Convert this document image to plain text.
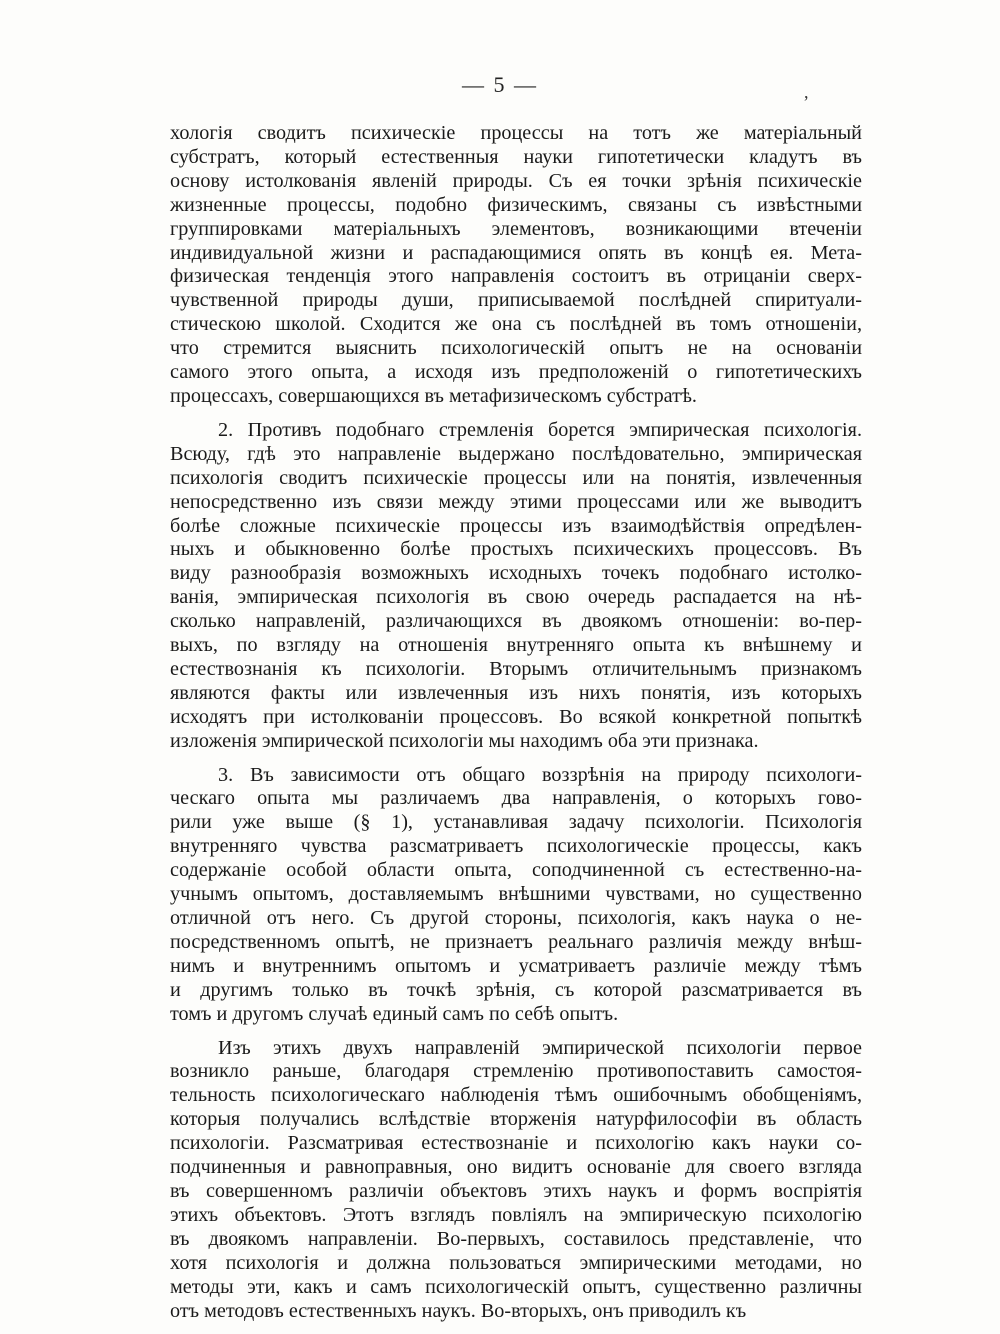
— 5 —	,

хологія сводитъ психическіе процессы на тотъ же матеріальный
субстратъ, который естественныя науки гипотетически кладутъ въ
основу истолкованія явленій природы. Съ ея точки зрѣнія психическіе
жизненные процессы, подобно физическимъ, связаны съ извѣстными
группировками матеріальныхъ элементовъ, возникающими втеченіи
индивидуальной жизни и распадающимися опять въ концѣ ея. Мета-
физическая тенденція этого направленія состоитъ въ отрицаніи сверх-
чувственной природы души, приписываемой послѣдней спиритуали-
стическою школой. Сходится же она съ послѣдней въ томъ отношеніи,
что стремится выяснить психологическій опытъ не на основаніи
самого этого опыта, а исходя изъ предположеній о гипотетическихъ
процессахъ, совершающихся въ метафизическомъ субстратѣ.

2. Противъ подобнаго стремленія борется эмпирическая психологія.
Всюду, гдѣ это направленіе выдержано послѣдовательно, эмпирическая
психологія сводитъ психическіе процессы или на понятія, извлеченныя
непосредственно изъ связи между этими процессами или же выводитъ
болѣе сложные психическіе процессы изъ взаимодѣйствія опредѣлен-
ныхъ и обыкновенно болѣе простыхъ психическихъ процессовъ. Въ
виду разнообразія возможныхъ исходныхъ точекъ подобнаго истолко-
ванія, эмпирическая психологія въ свою очередь распадается на нѣ-
сколько направленій, различающихся въ двоякомъ отношеніи: во-пер-
выхъ, по взгляду на отношенія внутренняго опыта къ внѣшнему и
естествознанія къ психологіи. Вторымъ отличительнымъ признакомъ
являются факты или извлеченныя изъ нихъ понятія, изъ которыхъ
исходятъ при истолкованіи процессовъ. Во всякой конкретной попыткѣ
изложенія эмпирической психологіи мы находимъ оба эти признака.

3. Въ зависимости отъ общаго воззрѣнія на природу психологи-
ческаго опыта мы различаемъ два направленія, о которыхъ гово-
рили уже выше (§ 1), устанавливая задачу психологіи. Психологія
внутренняго чувства разсматриваетъ психологическіе процессы, какъ
содержаніе особой области опыта, соподчиненной съ естественно-на-
учнымъ опытомъ, доставляемымъ внѣшними чувствами, но существенно
отличной отъ него. Съ другой стороны, психологія, какъ наука о не-
посредственномъ опытѣ, не признаетъ реальнаго различія между внѣш-
нимъ и внутреннимъ опытомъ и усматриваетъ различіе между тѣмъ
и другимъ только въ точкѣ зрѣнія, съ которой разсматривается въ
томъ и другомъ случаѣ единый самъ по себѣ опытъ.

Изъ этихъ двухъ направленій эмпирической психологіи первое
возникло раньше, благодаря стремленію противопоставить самостоя-
тельность психологическаго наблюденія тѣмъ ошибочнымъ обобщеніямъ,
которыя получались вслѣдствіе вторженія натурфилософіи въ область
психологіи. Разсматривая естествознаніе и психологію какъ науки со-
подчиненныя и равноправныя, оно видитъ основаніе для своего взгляда
въ совершенномъ различіи объектовъ этихъ наукъ и формъ воспріятія
этихъ объектовъ. Этотъ взглядъ повліялъ на эмпирическую психологію
въ двоякомъ направленіи. Во-первыхъ, составилось представленіе, что
хотя психологія и должна пользоваться эмпирическими методами, но
методы эти, какъ и самъ психологическій опытъ, существенно различны
отъ методовъ естественныхъ наукъ. Во-вторыхъ, онъ приводилъ къ
